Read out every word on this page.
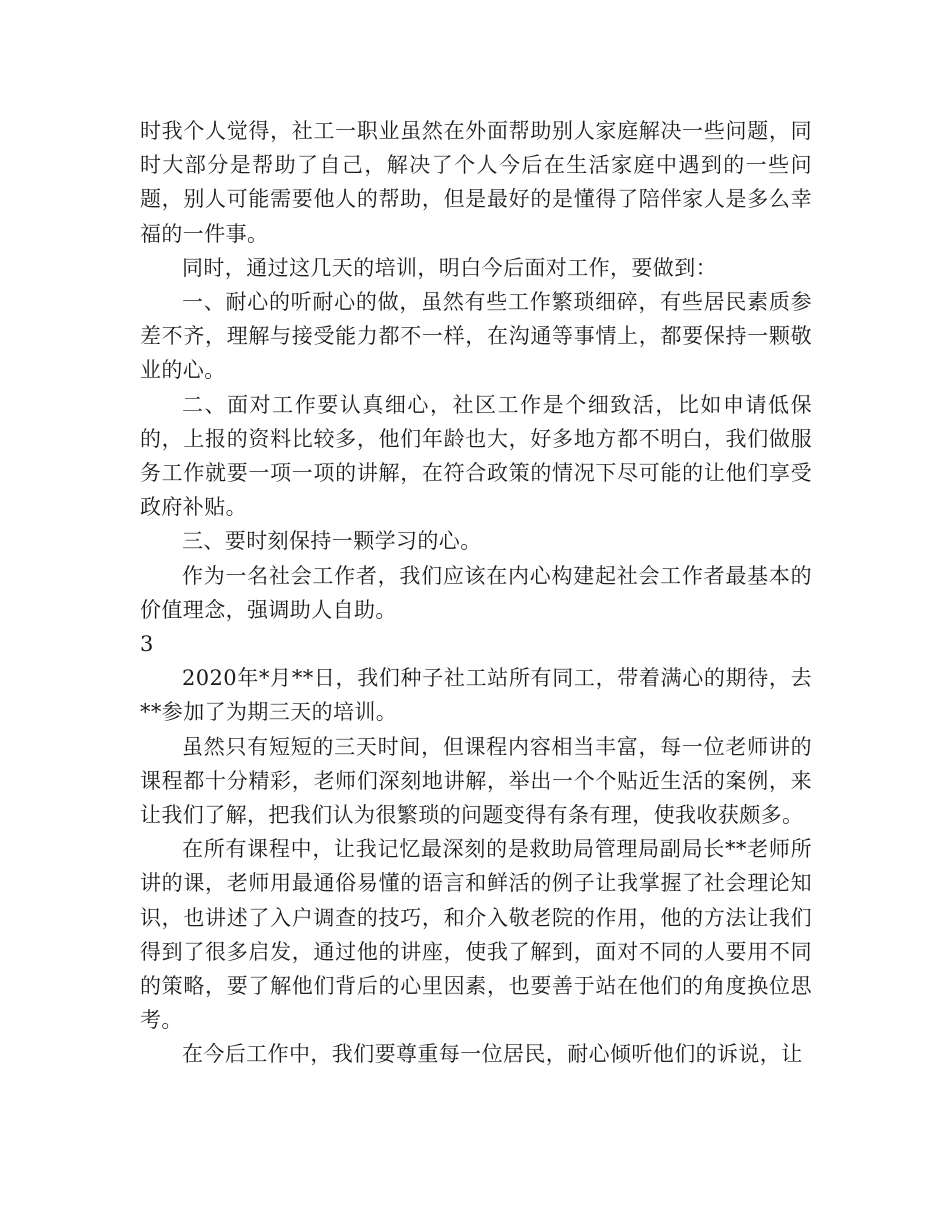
时我个人觉得，社工一职业虽然在外面帮助别人家庭解决一些问题，同时大部分是帮助了自己，解决了个人今后在生活家庭中遇到的一些问题，别人可能需要他人的帮助，但是最好的是懂得了陪伴家人是多么幸福的一件事。

同时，通过这几天的培训，明白今后面对工作，要做到：

一、耐心的听耐心的做，虽然有些工作繁琐细碎，有些居民素质参差不齐，理解与接受能力都不一样，在沟通等事情上，都要保持一颗敬业的心。

二、面对工作要认真细心，社区工作是个细致活，比如申请低保的，上报的资料比较多，他们年龄也大，好多地方都不明白，我们做服务工作就要一项一项的讲解，在符合政策的情况下尽可能的让他们享受政府补贴。

三、要时刻保持一颗学习的心。

作为一名社会工作者，我们应该在内心构建起社会工作者最基本的价值理念，强调助人自助。

3

2020年*月**日，我们种子社工站所有同工，带着满心的期待，去**参加了为期三天的培训。

虽然只有短短的三天时间，但课程内容相当丰富，每一位老师讲的课程都十分精彩，老师们深刻地讲解，举出一个个贴近生活的案例，来让我们了解，把我们认为很繁琐的问题变得有条有理，使我收获颇多。

在所有课程中，让我记忆最深刻的是救助局管理局副局长**老师所讲的课，老师用最通俗易懂的语言和鲜活的例子让我掌握了社会理论知识，也讲述了入户调查的技巧，和介入敬老院的作用，他的方法让我们得到了很多启发，通过他的讲座，使我了解到，面对不同的人要用不同的策略，要了解他们背后的心里因素，也要善于站在他们的角度换位思考。

在今后工作中，我们要尊重每一位居民，耐心倾听他们的诉说，让
